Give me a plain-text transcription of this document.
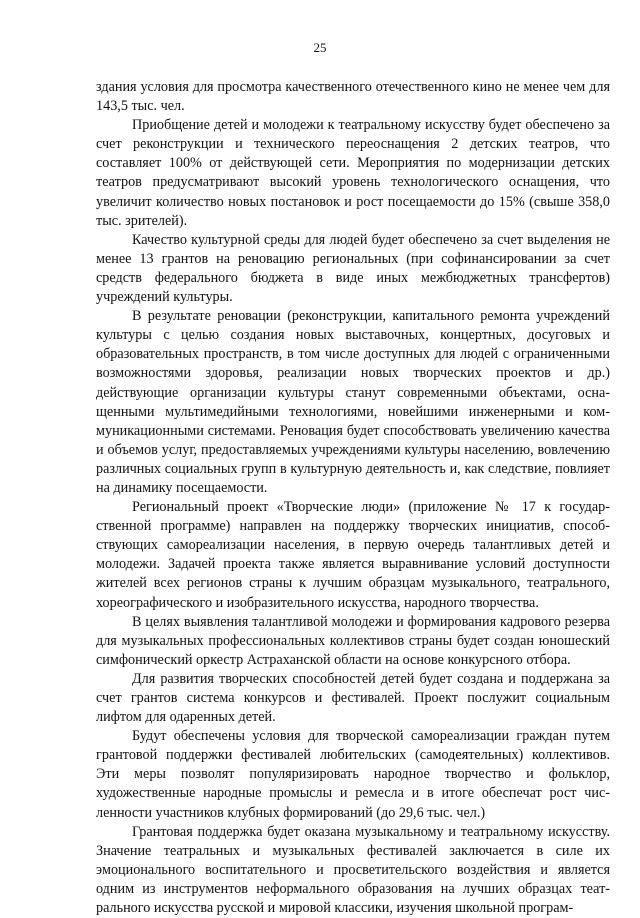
25

здания условия для просмотра качественного отечественного кино не менее чем для 143,5 тыс. чел.

Приобщение детей и молодежи к театральному искусству будет обеспечено за счет реконструкции и технического переоснащения 2 детских театров, что составляет 100% от действующей сети. Мероприятия по модернизации детских театров предусматривают высокий уровень технологического оснащения, что увеличит количество новых постановок и рост посещаемости до 15% (свыше 358,0 тыс. зрителей).

Качество культурной среды для людей будет обеспечено за счет выделения не менее 13 грантов на реновацию региональных (при софинансировании за счет средств федерального бюджета в виде иных межбюджетных трансфертов) учреждений культуры.

В результате реновации (реконструкции, капитального ремонта учреждений культуры с целью создания новых выставочных, концертных, досуговых и образовательных пространств, в том числе доступных для людей с ограниченными возможностями здоровья, реализации новых творческих проектов и др.) действующие организации культуры станут современными объектами, оснащенными мультимедийными технологиями, новейшими инженерными и коммуникационными системами. Реновация будет способствовать увеличению качества и объемов услуг, предоставляемых учреждениями культуры населению, вовлечению различных социальных групп в культурную деятельность и, как следствие, повлияет на динамику посещаемости.

Региональный проект «Творческие люди» (приложение № 17 к государственной программе) направлен на поддержку творческих инициатив, способствующих самореализации населения, в первую очередь талантливых детей и молодежи. Задачей проекта также является выравнивание условий доступности жителей всех регионов страны к лучшим образцам музыкального, театрального, хореографического и изобразительного искусства, народного творчества.

В целях выявления талантливой молодежи и формирования кадрового резерва для музыкальных профессиональных коллективов страны будет создан юношеский симфонический оркестр Астраханской области на основе конкурсного отбора.

Для развития творческих способностей детей будет создана и поддержана за счет грантов система конкурсов и фестивалей. Проект послужит социальным лифтом для одаренных детей.

Будут обеспечены условия для творческой самореализации граждан путем грантовой поддержки фестивалей любительских (самодеятельных) коллективов. Эти меры позволят популяризировать народное творчество и фольклор, художественные народные промыслы и ремесла и в итоге обеспечат рост численности участников клубных формирований (до 29,6 тыс. чел.)

Грантовая поддержка будет оказана музыкальному и театральному искусству. Значение театральных и музыкальных фестивалей заключается в силе их эмоционального воспитательного и просветительского воздействия и является одним из инструментов неформального образования на лучших образцах театрального искусства русской и мировой классики, изучения школьной програм-
